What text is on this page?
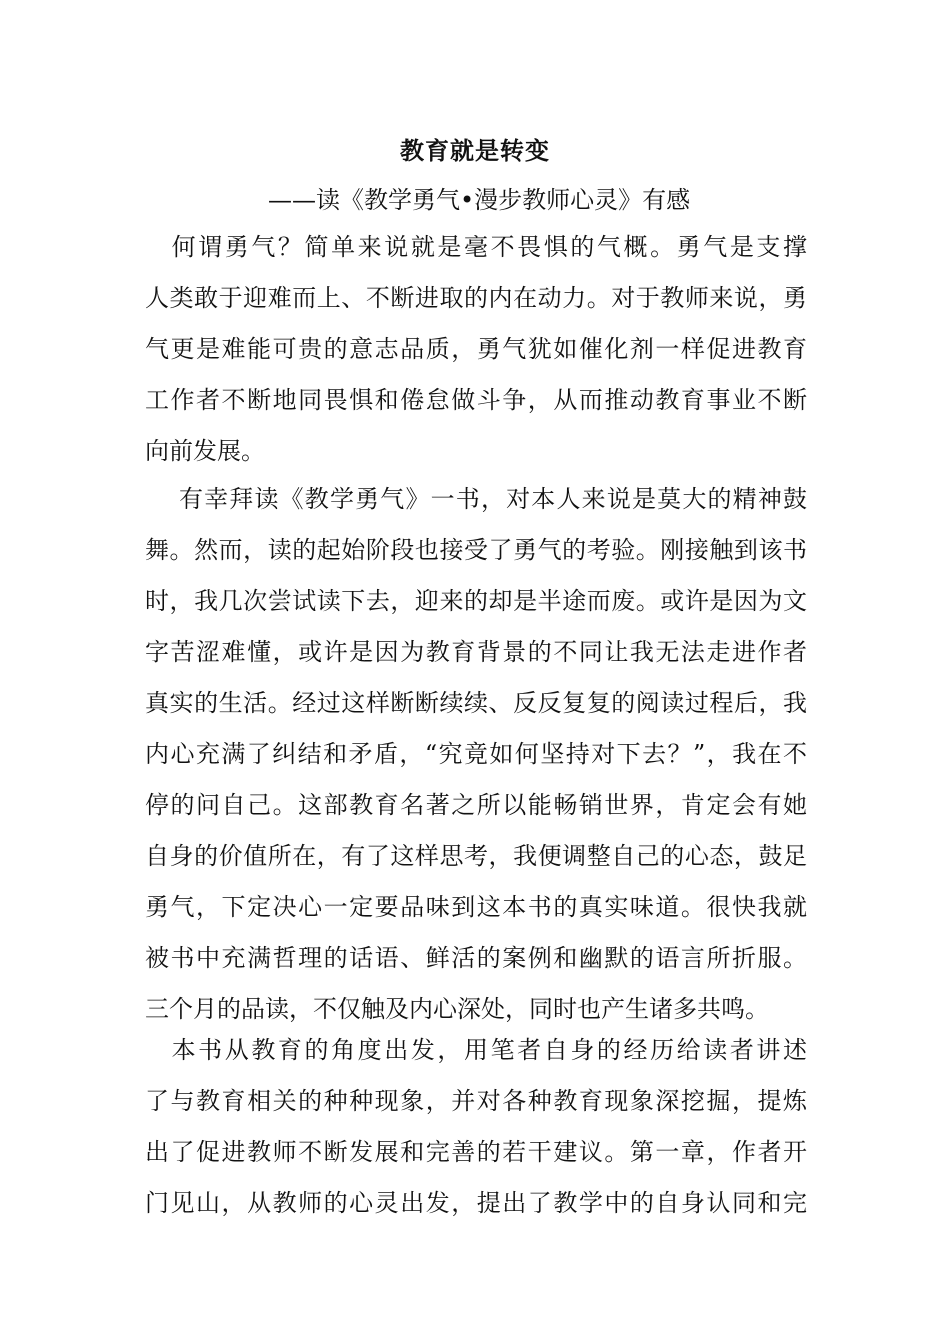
教育就是转变
——读《教学勇气•漫步教师心灵》有感
　何谓勇气？简单来说就是毫不畏惧的气概。勇气是支撑
人类敢于迎难而上、不断进取的内在动力。对于教师来说，勇
气更是难能可贵的意志品质，勇气犹如催化剂一样促进教育
工作者不断地同畏惧和倦怠做斗争，从而推动教育事业不断
向前发展。
　 有幸拜读《教学勇气》一书，对本人来说是莫大的精神鼓
舞。然而，读的起始阶段也接受了勇气的考验。刚接触到该书
时，我几次尝试读下去，迎来的却是半途而废。或许是因为文
字苦涩难懂，或许是因为教育背景的不同让我无法走进作者
真实的生活。经过这样断断续续、反反复复的阅读过程后，我
内心充满了纠结和矛盾，“究竟如何坚持对下去？”，我在不
停的问自己。这部教育名著之所以能畅销世界，肯定会有她
自身的价值所在，有了这样思考，我便调整自己的心态，鼓足
勇气，下定决心一定要品味到这本书的真实味道。很快我就
被书中充满哲理的话语、鲜活的案例和幽默的语言所折服。
三个月的品读，不仅触及内心深处，同时也产生诸多共鸣。
　本书从教育的角度出发，用笔者自身的经历给读者讲述
了与教育相关的种种现象，并对各种教育现象深挖掘，提炼
出了促进教师不断发展和完善的若干建议。第一章，作者开
门见山，从教师的心灵出发，提出了教学中的自身认同和完
